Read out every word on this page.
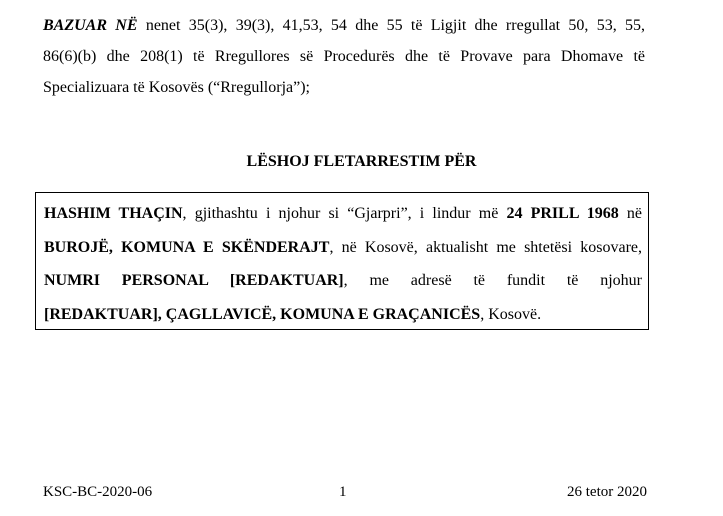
BAZUAR NË nenet 35(3), 39(3), 41,53, 54 dhe 55 të Ligjit dhe rregullat 50, 53, 55,
86(6)(b) dhe 208(1) të Rregullores së Procedurës dhe të Provave para Dhomave të
Specializuara të Kosovës (“Rregullorja”);
LËSHOJ FLETARRESTIM PËR
HASHIM THAÇIN, gjithashtu i njohur si “Gjarpri”, i lindur më 24 PRILL 1968 në
BUROJË, KOMUNA E SKËNDERAJT, në Kosovë, aktualisht me shtetësi kosovare,
NUMRI PERSONAL [REDAKTUAR], me adresë të fundit të njohur
[REDAKTUAR], ÇAGLLAVICË, KOMUNA E GRAÇANICËS, Kosovë.
KSC-BC-2020-06	1	26 tetor 2020
